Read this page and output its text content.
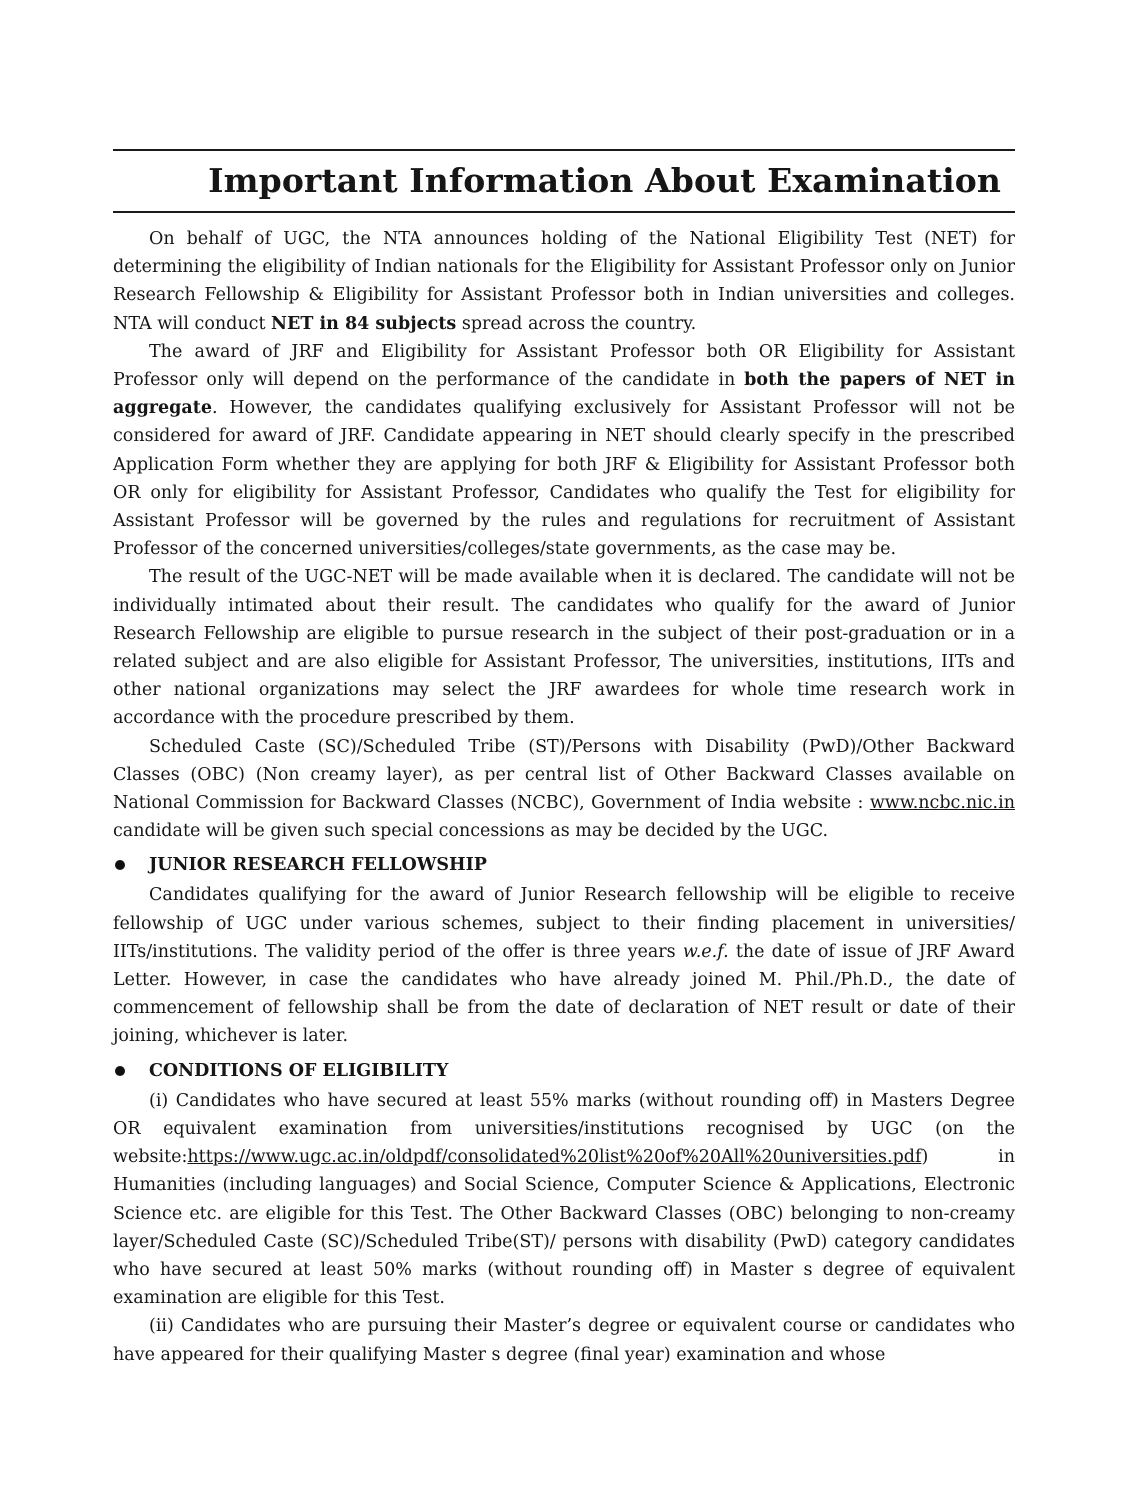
Important Information About Examination

On behalf of UGC, the NTA announces holding of the National Eligibility Test (NET) for determining the eligibility of Indian nationals for the Eligibility for Assistant Professor only on Junior Research Fellowship & Eligibility for Assistant Professor both in Indian universities and colleges. NTA will conduct NET in 84 subjects spread across the country.

The award of JRF and Eligibility for Assistant Professor both OR Eligibility for Assistant Professor only will depend on the performance of the candidate in both the papers of NET in aggregate. However, the candidates qualifying exclusively for Assistant Professor will not be considered for award of JRF. Candidate appearing in NET should clearly specify in the prescribed Application Form whether they are applying for both JRF & Eligibility for Assistant Professor both OR only for eligibility for Assistant Professor, Candidates who qualify the Test for eligibility for Assistant Professor will be governed by the rules and regulations for recruitment of Assistant Professor of the concerned universities/colleges/state governments, as the case may be.

The result of the UGC-NET will be made available when it is declared. The candidate will not be individually intimated about their result. The candidates who qualify for the award of Junior Research Fellowship are eligible to pursue research in the subject of their post-graduation or in a related subject and are also eligible for Assistant Professor, The universities, institutions, IITs and other national organizations may select the JRF awardees for whole time research work in accordance with the procedure prescribed by them.

Scheduled Caste (SC)/Scheduled Tribe (ST)/Persons with Disability (PwD)/Other Backward Classes (OBC) (Non creamy layer), as per central list of Other Backward Classes available on National Commission for Backward Classes (NCBC), Government of India website : www.ncbc.nic.in candidate will be given such special concessions as may be decided by the UGC.

JUNIOR RESEARCH FELLOWSHIP

Candidates qualifying for the award of Junior Research fellowship will be eligible to receive fellowship of UGC under various schemes, subject to their finding placement in universities/ IITs/institutions. The validity period of the offer is three years w.e.f. the date of issue of JRF Award Letter. However, in case the candidates who have already joined M. Phil./Ph.D., the date of commencement of fellowship shall be from the date of declaration of NET result or date of their joining, whichever is later.

CONDITIONS OF ELIGIBILITY

(i) Candidates who have secured at least 55% marks (without rounding off) in Masters Degree OR equivalent examination from universities/institutions recognised by UGC (on the website:https://www.ugc.ac.in/oldpdf/consolidated%20list%20of%20All%20universities.pdf) in Humanities (including languages) and Social Science, Computer Science & Applications, Electronic Science etc. are eligible for this Test. The Other Backward Classes (OBC) belonging to non-creamy layer/Scheduled Caste (SC)/Scheduled Tribe(ST)/ persons with disability (PwD) category candidates who have secured at least 50% marks (without rounding off) in Master s degree of equivalent examination are eligible for this Test.

(ii) Candidates who are pursuing their Master’s degree or equivalent course or candidates who have appeared for their qualifying Master s degree (final year) examination and whose
